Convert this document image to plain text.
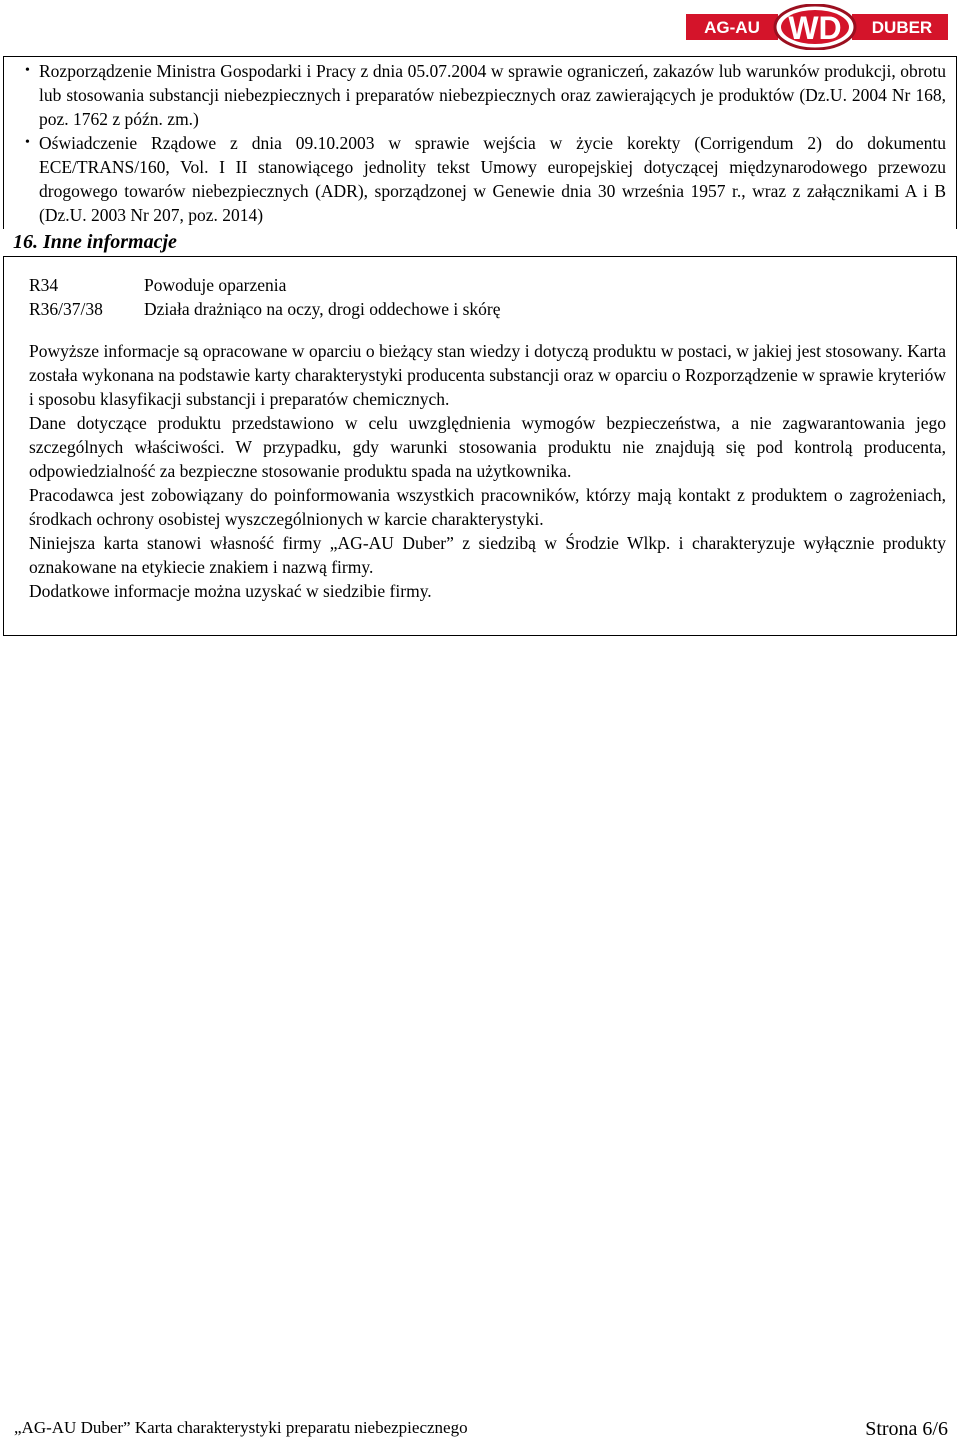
AG-AU	DUBER
WD
• Rozporządzenie Ministra Gospodarki i Pracy z dnia 05.07.2004 w sprawie ograniczeń, zakazów lub warunków produkcji, obrotu lub stosowania substancji niebezpiecznych i preparatów niebezpiecznych oraz zawierających je produktów (Dz.U. 2004 Nr 168, poz. 1762 z późn. zm.)
• Oświadczenie Rządowe z dnia 09.10.2003 w sprawie wejścia w życie korekty (Corrigendum 2) do dokumentu ECE/TRANS/160, Vol. I II stanowiącego jednolity tekst Umowy europejskiej dotyczącej międzynarodowego przewozu drogowego towarów niebezpiecznych (ADR), sporządzonej w Genewie dnia 30 września 1957 r., wraz z załącznikami A i B (Dz.U. 2003 Nr 207, poz. 2014)
16. Inne informacje
R34	Powoduje oparzenia
R36/37/38	Działa drażniąco na oczy, drogi oddechowe i skórę

Powyższe informacje są opracowane w oparciu o bieżący stan wiedzy i dotyczą produktu w postaci, w jakiej jest stosowany. Karta została wykonana na podstawie karty charakterystyki producenta substancji oraz w oparciu o Rozporządzenie w sprawie kryteriów i sposobu klasyfikacji substancji i preparatów chemicznych.

Dane dotyczące produktu przedstawiono w celu uwzględnienia wymogów bezpieczeństwa, a nie zagwarantowania jego szczególnych właściwości. W przypadku, gdy warunki stosowania produktu nie znajdują się pod kontrolą producenta, odpowiedzialność za bezpieczne stosowanie produktu spada na użytkownika.

Pracodawca jest zobowiązany do poinformowania wszystkich pracowników, którzy mają kontakt z produktem o zagrożeniach, środkach ochrony osobistej wyszczególnionych w karcie charakterystyki.

Niniejsza karta stanowi własność firmy „AG-AU Duber” z siedzibą w Środzie Wlkp. i charakteryzuje wyłącznie produkty oznakowane na etykiecie znakiem i nazwą firmy.

Dodatkowe informacje można uzyskać w siedzibie firmy.

„AG-AU Duber” Karta charakterystyki preparatu niebezpiecznego	Strona 6/6
